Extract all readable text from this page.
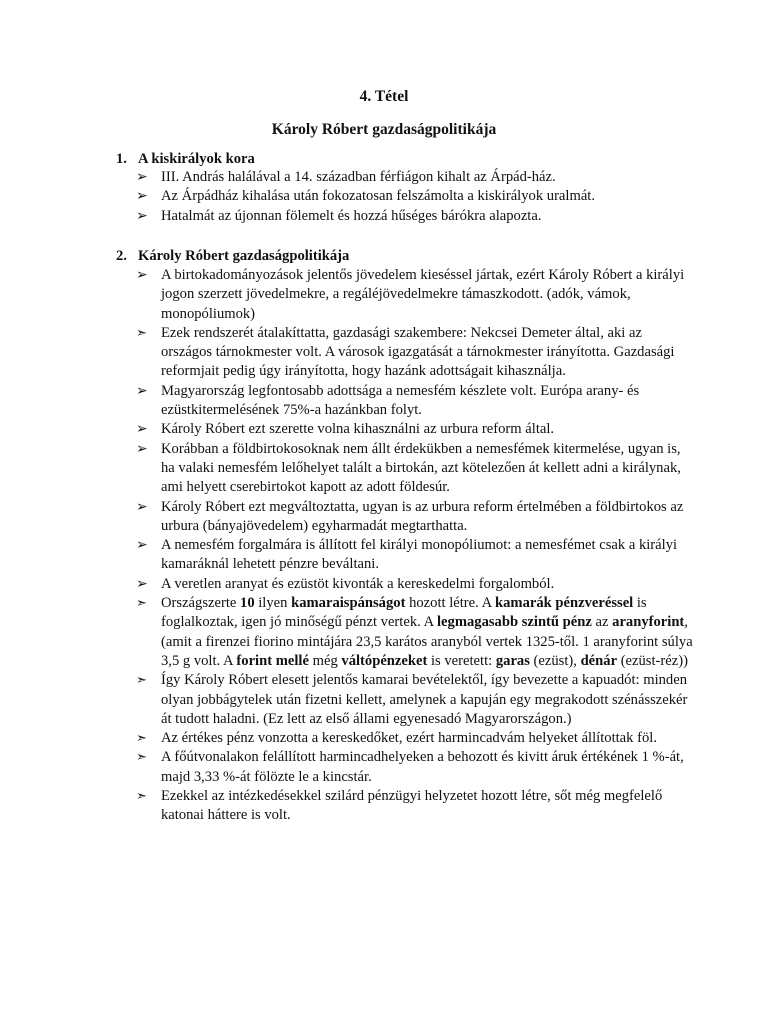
4. Tétel
Károly Róbert gazdaságpolitikája
1. A kiskirályok kora
➢ III. András halálával a 14. században férfiágon kihalt az Árpád-ház.
➢ Az Árpádház kihalása után fokozatosan felszámolta a kiskirályok uralmát.
➢ Hatalmát az újonnan fölemelt és hozzá hűséges bárókra alapozta.
2. Károly Róbert gazdaságpolitikája
➢ A birtokadományozások jelentős jövedelem kieséssel jártak, ezért Károly Róbert a királyi jogon szerzett jövedelmekre, a regáléjövedelmekre támaszkodott. (adók, vámok, monopóliumok)
➣ Ezek rendszerét átalakíttatta, gazdasági szakembere: Nekcsei Demeter által, aki az országos tárnokmester volt. A városok igazgatását a tárnokmester irányította. Gazdasági reformjait pedig úgy irányította, hogy hazánk adottságait kihasználja.
➢ Magyarország legfontosabb adottsága a nemesfém készlete volt. Európa arany- és ezüstkitermelésének 75%-a hazánkban folyt.
➢ Károly Róbert ezt szerette volna kihasználni az urbura reform által.
➢ Korábban a földbirtokosoknak nem állt érdekükben a nemesfémek kitermelése, ugyan is, ha valaki nemesfém lelőhelyet talált a birtokán, azt kötelezően át kellett adni a királynak, ami helyett cserebirtokot kapott az adott földesúr.
➢ Károly Róbert ezt megváltoztatta, ugyan is az urbura reform értelmében a földbirtokos az urbura (bányajövedelem) egyharmadát megtarthatta.
➢ A nemesfém forgalmára is állított fel királyi monopóliumot: a nemesfémet csak a királyi kamaráknál lehetett pénzre beváltani.
➢ A veretlen aranyat és ezüstöt kivonták a kereskedelmi forgalomból.
➣ Országszerte 10 ilyen kamaraispánságot hozott létre. A kamarák pénzveréssel is foglalkoztak, igen jó minőségű pénzt vertek. A legmagasabb szintű pénz az aranyforint, (amit a firenzei fiorino mintájára 23,5 karátos aranyból vertek 1325-től. 1 aranyforint súlya 3,5 g volt. A forint mellé még váltópénzeket is veretett: garas (ezüst), dénár (ezüst-réz))
➣ Így Károly Róbert elesett jelentős kamarai bevételektől, így bevezette a kapuadót: minden olyan jobbágytelek után fizetni kellett, amelynek a kapuján egy megrakodott szénásszekér át tudott haladni. (Ez lett az első állami egyenesadó Magyarországon.)
➣ Az értékes pénz vonzotta a kereskedőket, ezért harmincadvám helyeket állítottak föl.
➣ A főútvonalakon felállított harmincadhelyeken a behozott és kivitt áruk értékének 1 %-át, majd 3,33 %-át fölözte le a kincstár.
➣ Ezekkel az intézkedésekkel szilárd pénzügyi helyzetet hozott létre, sőt még megfelelő katonai háttere is volt.
